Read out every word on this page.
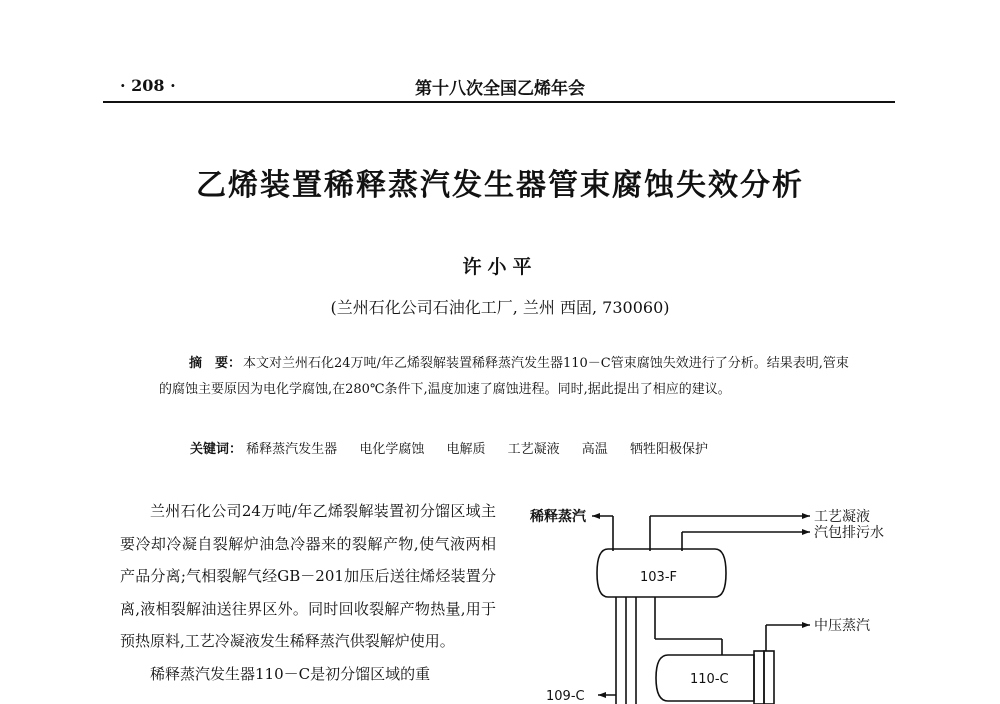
· 208 ·	第十八次全国乙烯年会
乙烯装置稀释蒸汽发生器管束腐蚀失效分析
许小平
(兰州石化公司石油化工厂, 兰州 西固, 730060)
摘　要： 本文对兰州石化24万吨/年乙烯裂解装置稀释蒸汽发生器110－C管束腐蚀失效进行了分析。结果表明,管束的腐蚀主要原因为电化学腐蚀,在280℃条件下,温度加速了腐蚀进程。同时,据此提出了相应的建议。
关键词： 稀释蒸汽发生器 电化学腐蚀 电解质 工艺凝液 高温 牺牲阳极保护

兰州石化公司24万吨/年乙烯裂解装置初分馏区域主要冷却冷凝自裂解炉油急冷器来的裂解产物,使气液两相产品分离;气相裂解气经GB－201加压后送往烯烃装置分离,液相裂解油送往界区外。同时回收裂解产物热量,用于预热原料,工艺冷凝液发生稀释蒸汽供裂解炉使用。

稀释蒸汽发生器110－C是初分馏区域的重

稀释蒸汽	工艺凝液
汽包排污水
中压蒸汽
103-F
110-C
109-C
